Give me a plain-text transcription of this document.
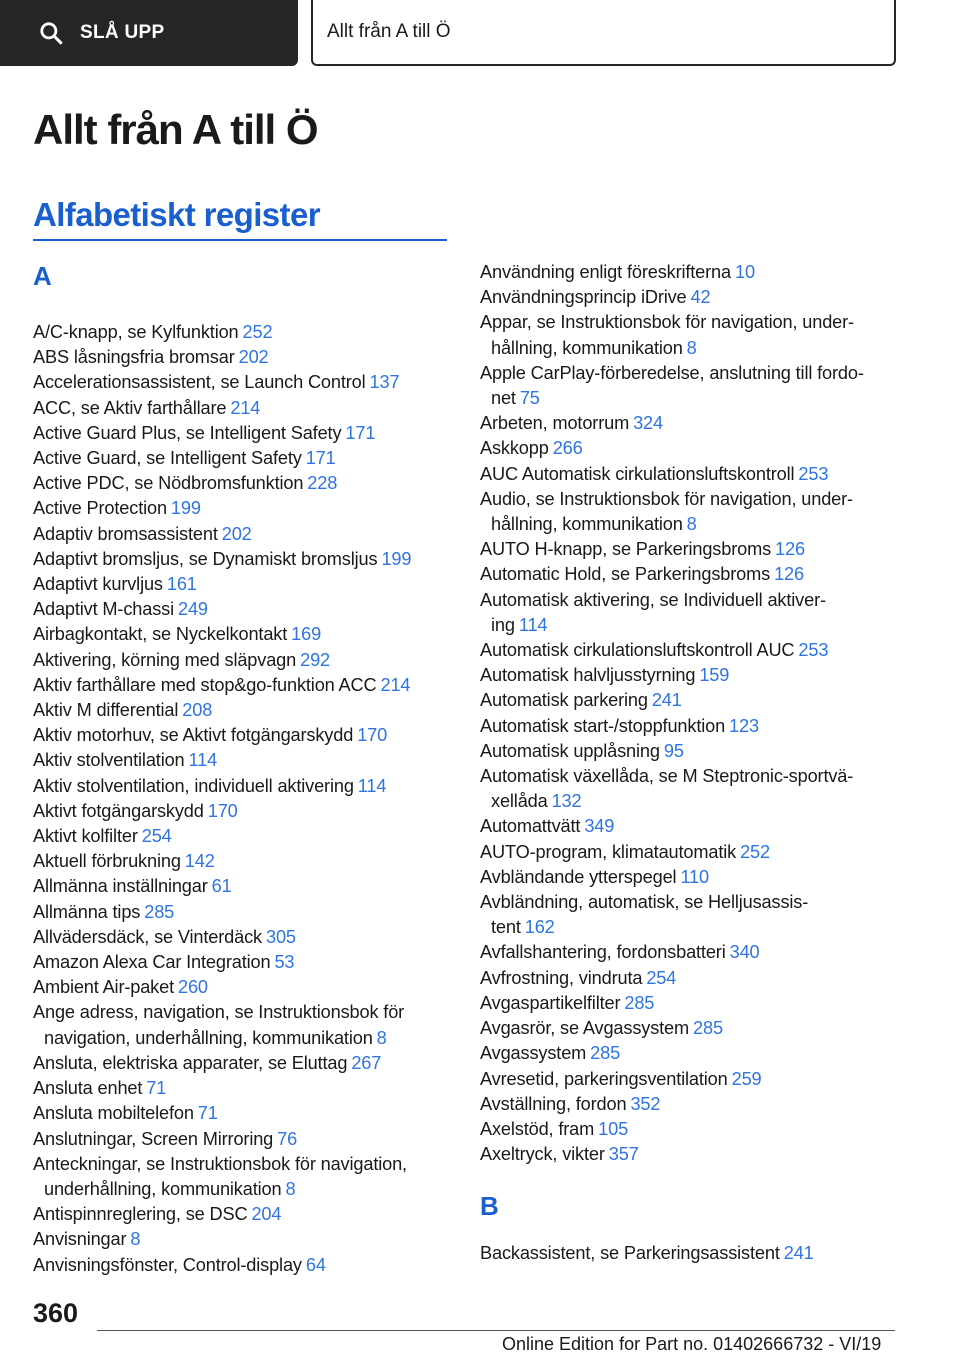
SLÅ UPP	Allt från A till Ö
Allt från A till Ö
Alfabetiskt register
A
A/C-knapp, se Kylfunktion 252
ABS låsningsfria bromsar 202
Accelerationsassistent, se Launch Control 137
ACC, se Aktiv farthållare 214
Active Guard Plus, se Intelligent Safety 171
Active Guard, se Intelligent Safety 171
Active PDC, se Nödbromsfunktion 228
Active Protection 199
Adaptiv bromsassistent 202
Adaptivt bromsljus, se Dynamiskt bromsljus 199
Adaptivt kurvljus 161
Adaptivt M-chassi 249
Airbagkontakt, se Nyckelkontakt 169
Aktivering, körning med släpvagn 292
Aktiv farthållare med stop&go-funktion ACC 214
Aktiv M differential 208
Aktiv motorhuv, se Aktivt fotgängarskydd 170
Aktiv stolventilation 114
Aktiv stolventilation, individuell aktivering 114
Aktivt fotgängarskydd 170
Aktivt kolfilter 254
Aktuell förbrukning 142
Allmänna inställningar 61
Allmänna tips 285
Allvädersdäck, se Vinterdäck 305
Amazon Alexa Car Integration 53
Ambient Air-paket 260
Ange adress, navigation, se Instruktionsbok för
navigation, underhållning, kommunikation 8
Ansluta, elektriska apparater, se Eluttag 267
Ansluta enhet 71
Ansluta mobiltelefon 71
Anslutningar, Screen Mirroring 76
Anteckningar, se Instruktionsbok för navigation,
underhållning, kommunikation 8
Antispinnreglering, se DSC 204
Anvisningar 8
Anvisningsfönster, Control-display 64
Användning enligt föreskrifterna 10
Användningsprincip iDrive 42
Appar, se Instruktionsbok för navigation, under-
hållning, kommunikation 8
Apple CarPlay-förberedelse, anslutning till fordo-
net 75
Arbeten, motorrum 324
Askkopp 266
AUC Automatisk cirkulationsluftskontroll 253
Audio, se Instruktionsbok för navigation, under-
hållning, kommunikation 8
AUTO H-knapp, se Parkeringsbroms 126
Automatic Hold, se Parkeringsbroms 126
Automatisk aktivering, se Individuell aktiver-
ing 114
Automatisk cirkulationsluftskontroll AUC 253
Automatisk halvljusstyrning 159
Automatisk parkering 241
Automatisk start-/stoppfunktion 123
Automatisk upplåsning 95
Automatisk växellåda, se M Steptronic-sportvä-
xellåda 132
Automattvätt 349
AUTO-program, klimatautomatik 252
Avbländande ytterspegel 110
Avbländning, automatisk, se Helljusassis-
tent 162
Avfallshantering, fordonsbatteri 340
Avfrostning, vindruta 254
Avgaspartikelfilter 285
Avgasrör, se Avgassystem 285
Avgassystem 285
Avresetid, parkeringsventilation 259
Avställning, fordon 352
Axelstöd, fram 105
Axeltryck, vikter 357
B
Backassistent, se Parkeringsassistent 241
360
Online Edition for Part no. 01402666732 - VI/19
